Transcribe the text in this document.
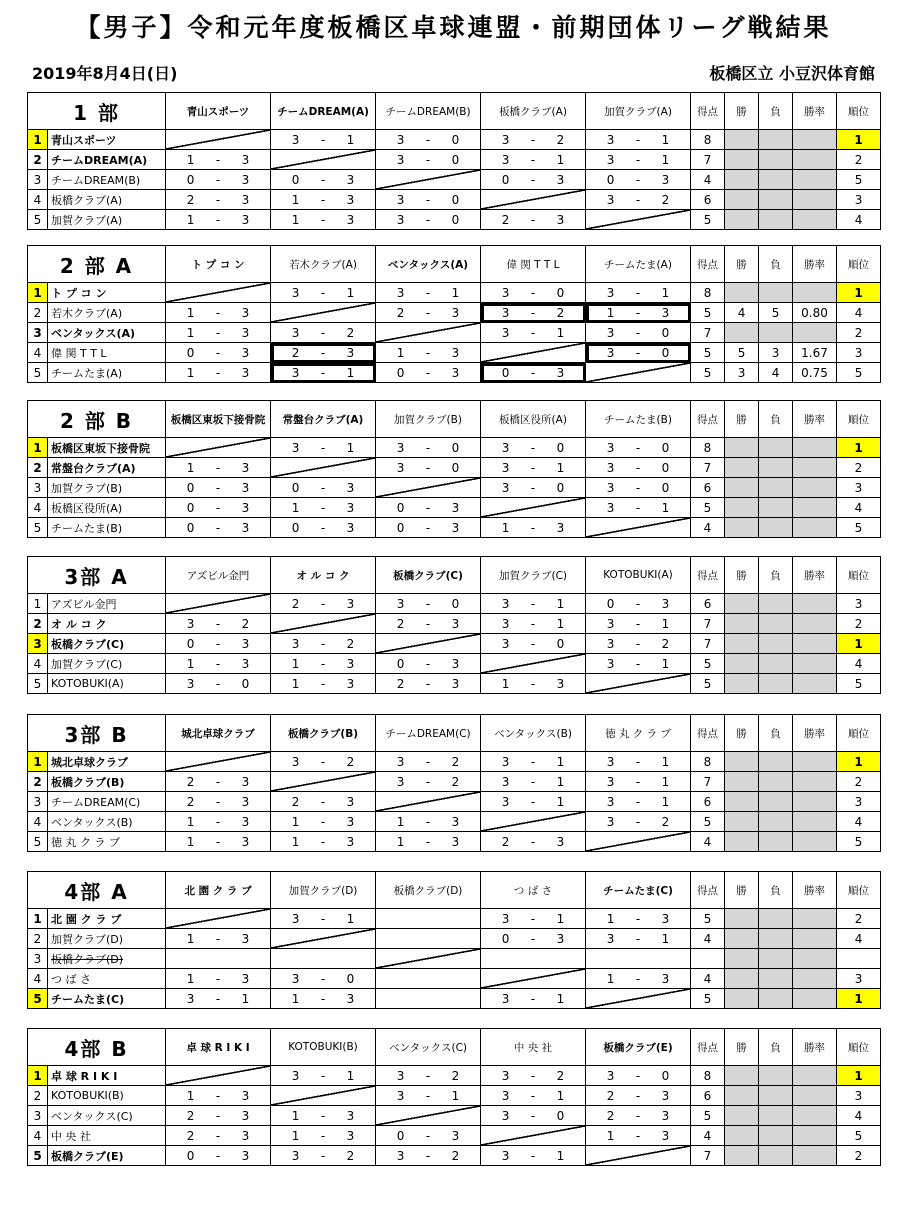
【男子】令和元年度板橋区卓球連盟・前期団体リーグ戦結果
2019年8月4日(日)	板橋区立 小豆沢体育館
1 部		青山スポーツ	チームDREAM(A)	チームDREAM(B)	板橋クラブ(A)	加賀クラブ(A)	得点	勝	負	勝率	順位
1	青山スポーツ		3 - 1	3 - 0	3 - 2	3 - 1	8				1
2	チームDREAM(A)	1 - 3		3 - 0	3 - 1	3 - 1	7				2
3	チームDREAM(B)	0 - 3	0 - 3		0 - 3	0 - 3	4				5
4	板橋クラブ(A)	2 - 3	1 - 3	3 - 0		3 - 2	6				3
5	加賀クラブ(A)	1 - 3	1 - 3	3 - 0	2 - 3		5				4
2 部 A		ト プ コ ン	若木クラブ(A)	ベンタックス(A)	偉 関 T T L	チームたま(A)	得点	勝	負	勝率	順位
1	ト プ コ ン		3 - 1	3 - 1	3 - 0	3 - 1	8				1
2	若木クラブ(A)	1 - 3		2 - 3	3 - 2	1 - 3	5	4	5	0.80	4
3	ベンタックス(A)	1 - 3	3 - 2		3 - 1	3 - 0	7				2
4	偉 関 T T L	0 - 3	2 - 3	1 - 3		3 - 0	5	5	3	1.67	3
5	チームたま(A)	1 - 3	3 - 1	0 - 3	0 - 3		5	3	4	0.75	5
2 部 B		板橋区東坂下接骨院	常盤台クラブ(A)	加賀クラブ(B)	板橋区役所(A)	チームたま(B)	得点	勝	負	勝率	順位
1	板橋区東坂下接骨院		3 - 1	3 - 0	3 - 0	3 - 0	8				1
2	常盤台クラブ(A)	1 - 3		3 - 0	3 - 1	3 - 0	7				2
3	加賀クラブ(B)	0 - 3	0 - 3		3 - 0	3 - 0	6				3
4	板橋区役所(A)	0 - 3	1 - 3	0 - 3		3 - 1	5				4
5	チームたま(B)	0 - 3	0 - 3	0 - 3	1 - 3		4				5
3部 A		アズビル金門	オ ル コ ク	板橋クラブ(C)	加賀クラブ(C)	KOTOBUKI(A)	得点	勝	負	勝率	順位
1	アズビル金門		2 - 3	3 - 0	3 - 1	0 - 3	6				3
2	オ ル コ ク	3 - 2		2 - 3	3 - 1	3 - 1	7				2
3	板橋クラブ(C)	0 - 3	3 - 2		3 - 0	3 - 2	7				1
4	加賀クラブ(C)	1 - 3	1 - 3	0 - 3		3 - 1	5				4
5	KOTOBUKI(A)	3 - 0	1 - 3	2 - 3	1 - 3		5				5
3部 B		城北卓球クラブ	板橋クラブ(B)	チームDREAM(C)	ベンタックス(B)	徳 丸 ク ラ ブ	得点	勝	負	勝率	順位
1	城北卓球クラブ		3 - 2	3 - 2	3 - 1	3 - 1	8				1
2	板橋クラブ(B)	2 - 3		3 - 2	3 - 1	3 - 1	7				2
3	チームDREAM(C)	2 - 3	2 - 3		3 - 1	3 - 1	6				3
4	ベンタックス(B)	1 - 3	1 - 3	1 - 3		3 - 2	5				4
5	徳 丸 ク ラ ブ	1 - 3	1 - 3	1 - 3	2 - 3		4				5
4部 A		北 園 ク ラ ブ	加賀クラブ(D)	板橋クラブ(D)	つ ば さ	チームたま(C)	得点	勝	負	勝率	順位
1	北 園 ク ラ ブ		3 - 1		3 - 1	1 - 3	5				2
2	加賀クラブ(D)	1 - 3			0 - 3	3 - 1	4				4
3	板橋クラブ(D)										
4	つ ば さ	1 - 3	3 - 0			1 - 3	4				3
5	チームたま(C)	3 - 1	1 - 3		3 - 1		5				1
4部 B		卓 球 R I K I	KOTOBUKI(B)	ベンタックス(C)	中 央 社	板橋クラブ(E)	得点	勝	負	勝率	順位
1	卓 球 R I K I		3 - 1	3 - 2	3 - 2	3 - 0	8				1
2	KOTOBUKI(B)	1 - 3		3 - 1	3 - 1	2 - 3	6				3
3	ベンタックス(C)	2 - 3	1 - 3		3 - 0	2 - 3	5				4
4	中 央 社	2 - 3	1 - 3	0 - 3		1 - 3	4				5
5	板橋クラブ(E)	0 - 3	3 - 2	3 - 2	3 - 1		7				2
